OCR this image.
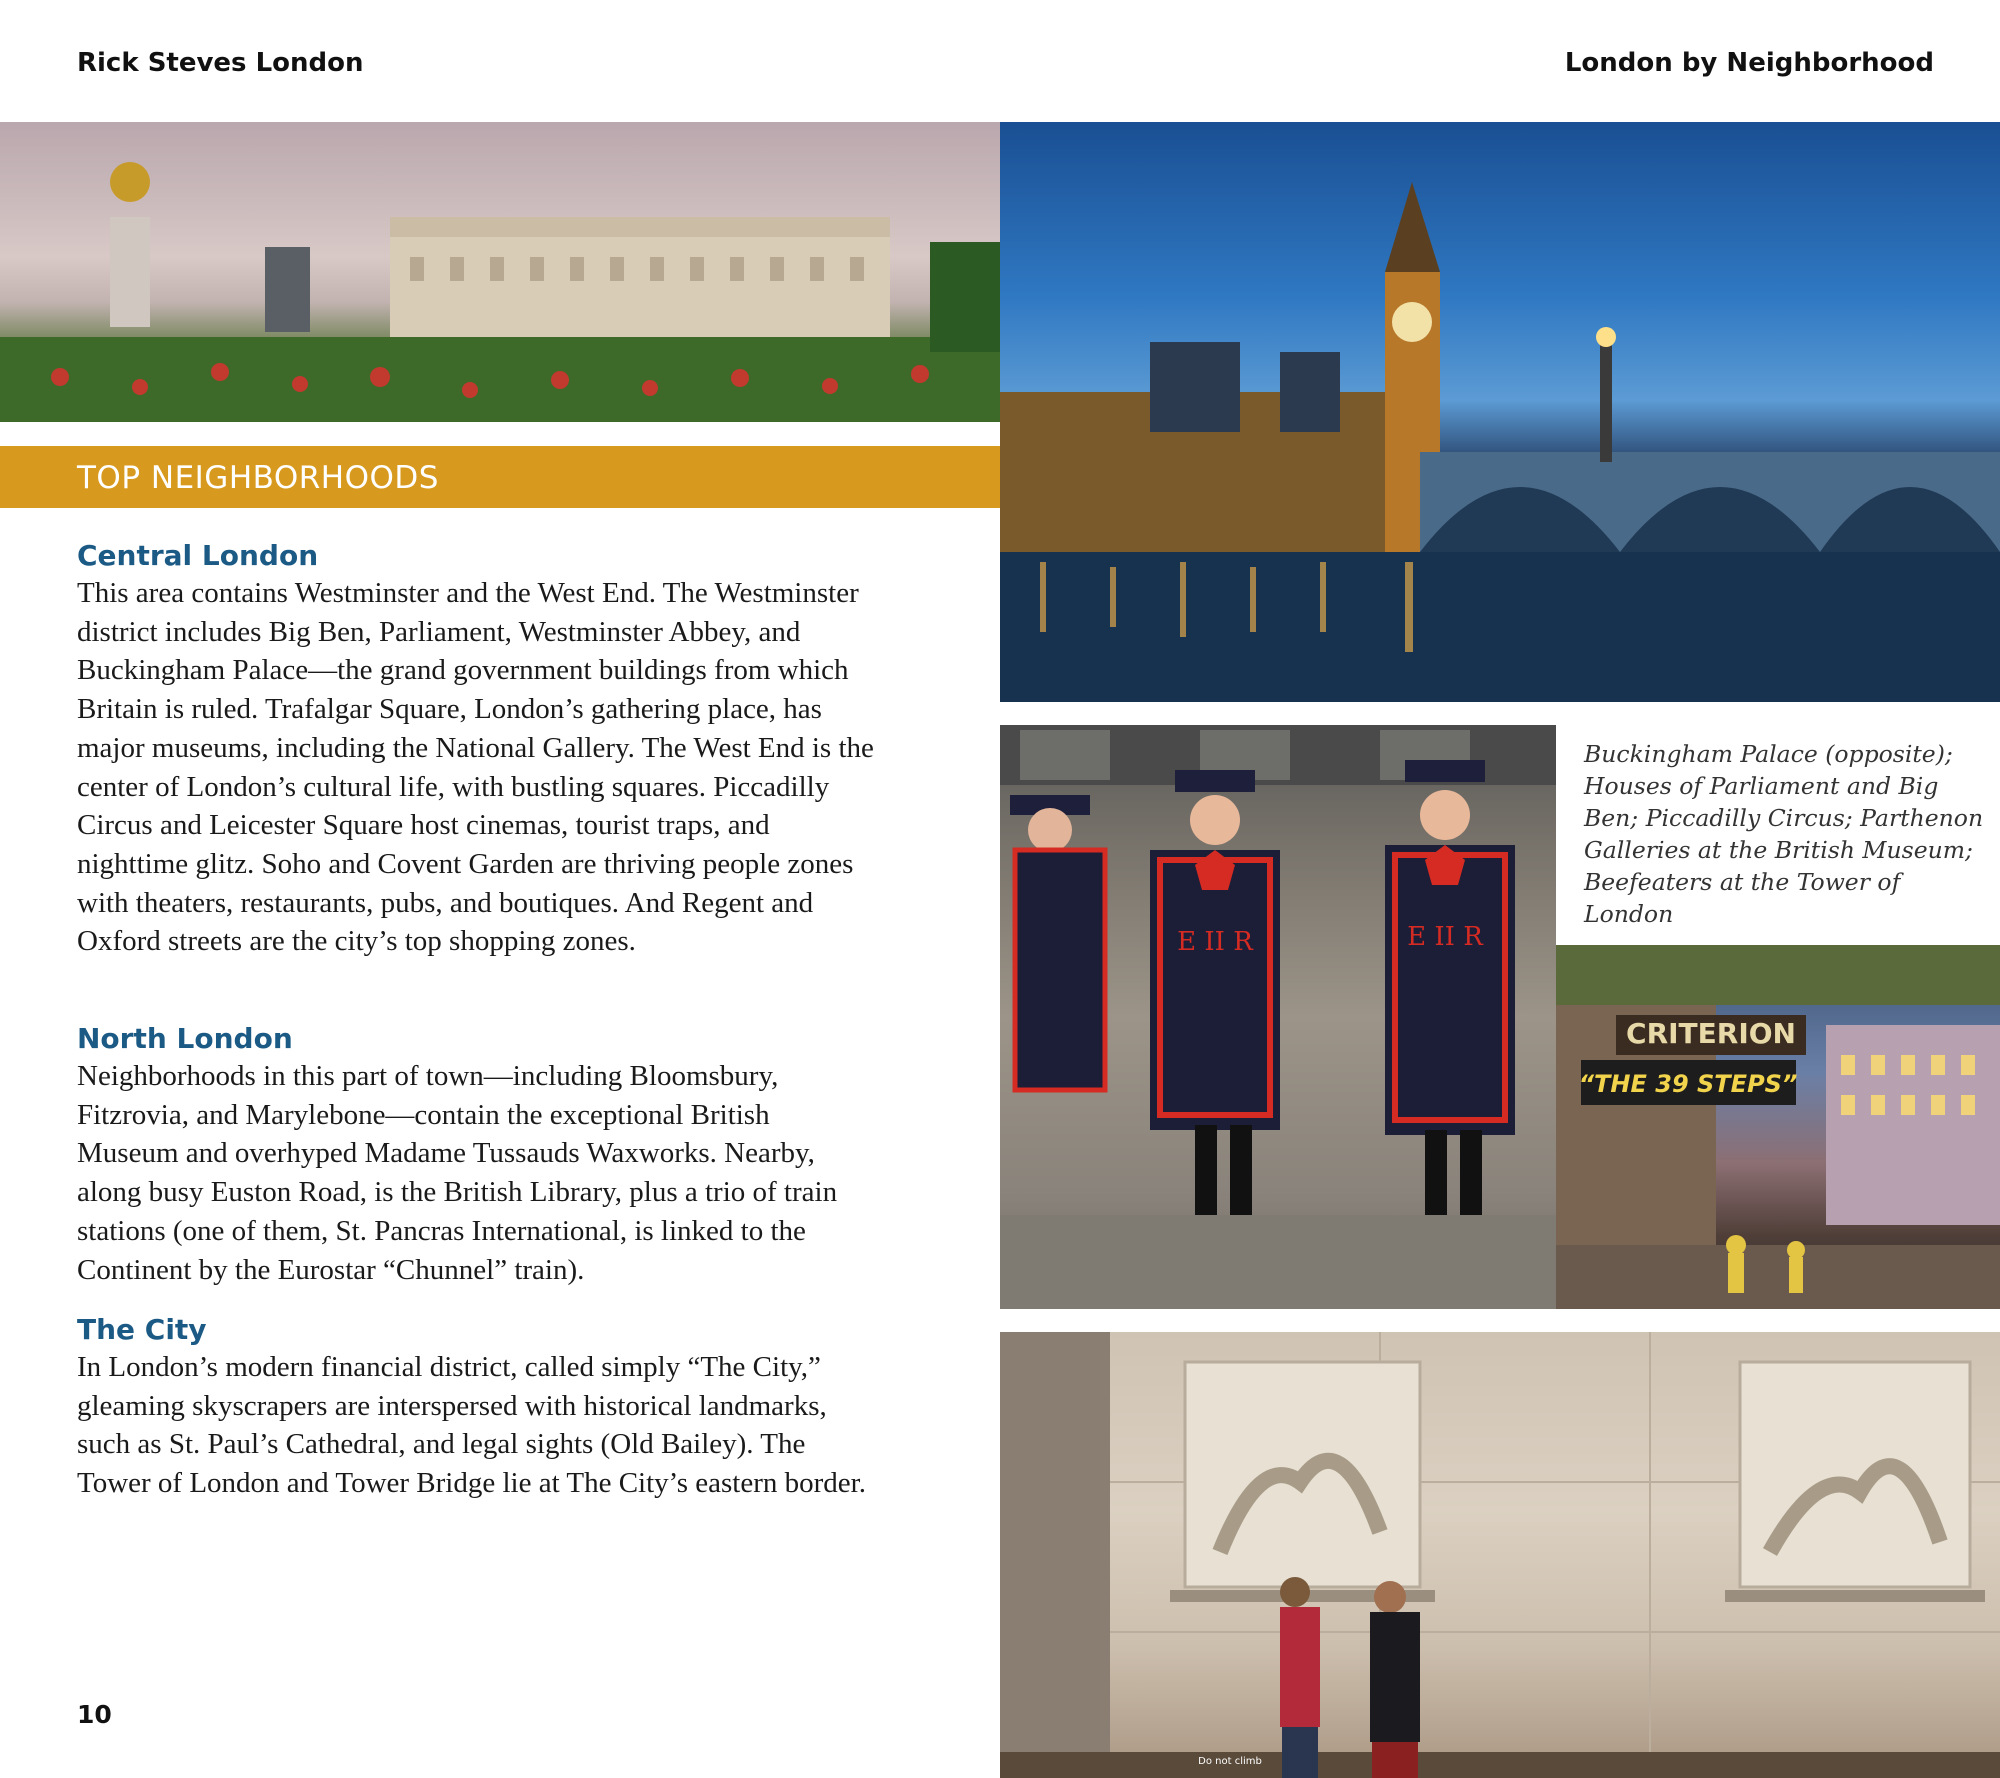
Rick Steves London	London by Neighborhood
E II R	E II R
Buckingham Palace (opposite); Houses of Parliament and Big Ben; Piccadilly Circus; Parthenon Galleries at the British Museum; Beefeaters at the Tower of London
CRITERION
“THE 39 STEPS”
Do not climb
TOP NEIGHBORHOODS
Central London

This area contains Westminster and the West End. The Westminster district includes Big Ben, Parliament, Westminster Abbey, and Buckingham Palace—the grand government buildings from which Britain is ruled. Trafalgar Square, London’s gathering place, has major museums, including the National Gallery. The West End is the center of London’s cultural life, with bustling squares. Piccadilly Circus and Leicester Square host cinemas, tourist traps, and nighttime glitz. Soho and Covent Garden are thriving people zones with theaters, restaurants, pubs, and boutiques. And Regent and Oxford streets are the city’s top shopping zones.

North London

Neighborhoods in this part of town—including Bloomsbury, Fitzrovia, and Marylebone—contain the exceptional British Museum and overhyped Madame Tussauds Waxworks. Nearby, along busy Euston Road, is the British Library, plus a trio of train stations (one of them, St. Pancras International, is linked to the Continent by the Eurostar “Chunnel” train).

The City

In London’s modern financial district, called simply “The City,” gleaming skyscrapers are interspersed with historical landmarks, such as St. Paul’s Cathedral, and legal sights (Old Bailey). The Tower of London and Tower Bridge lie at The City’s eastern border.

10
